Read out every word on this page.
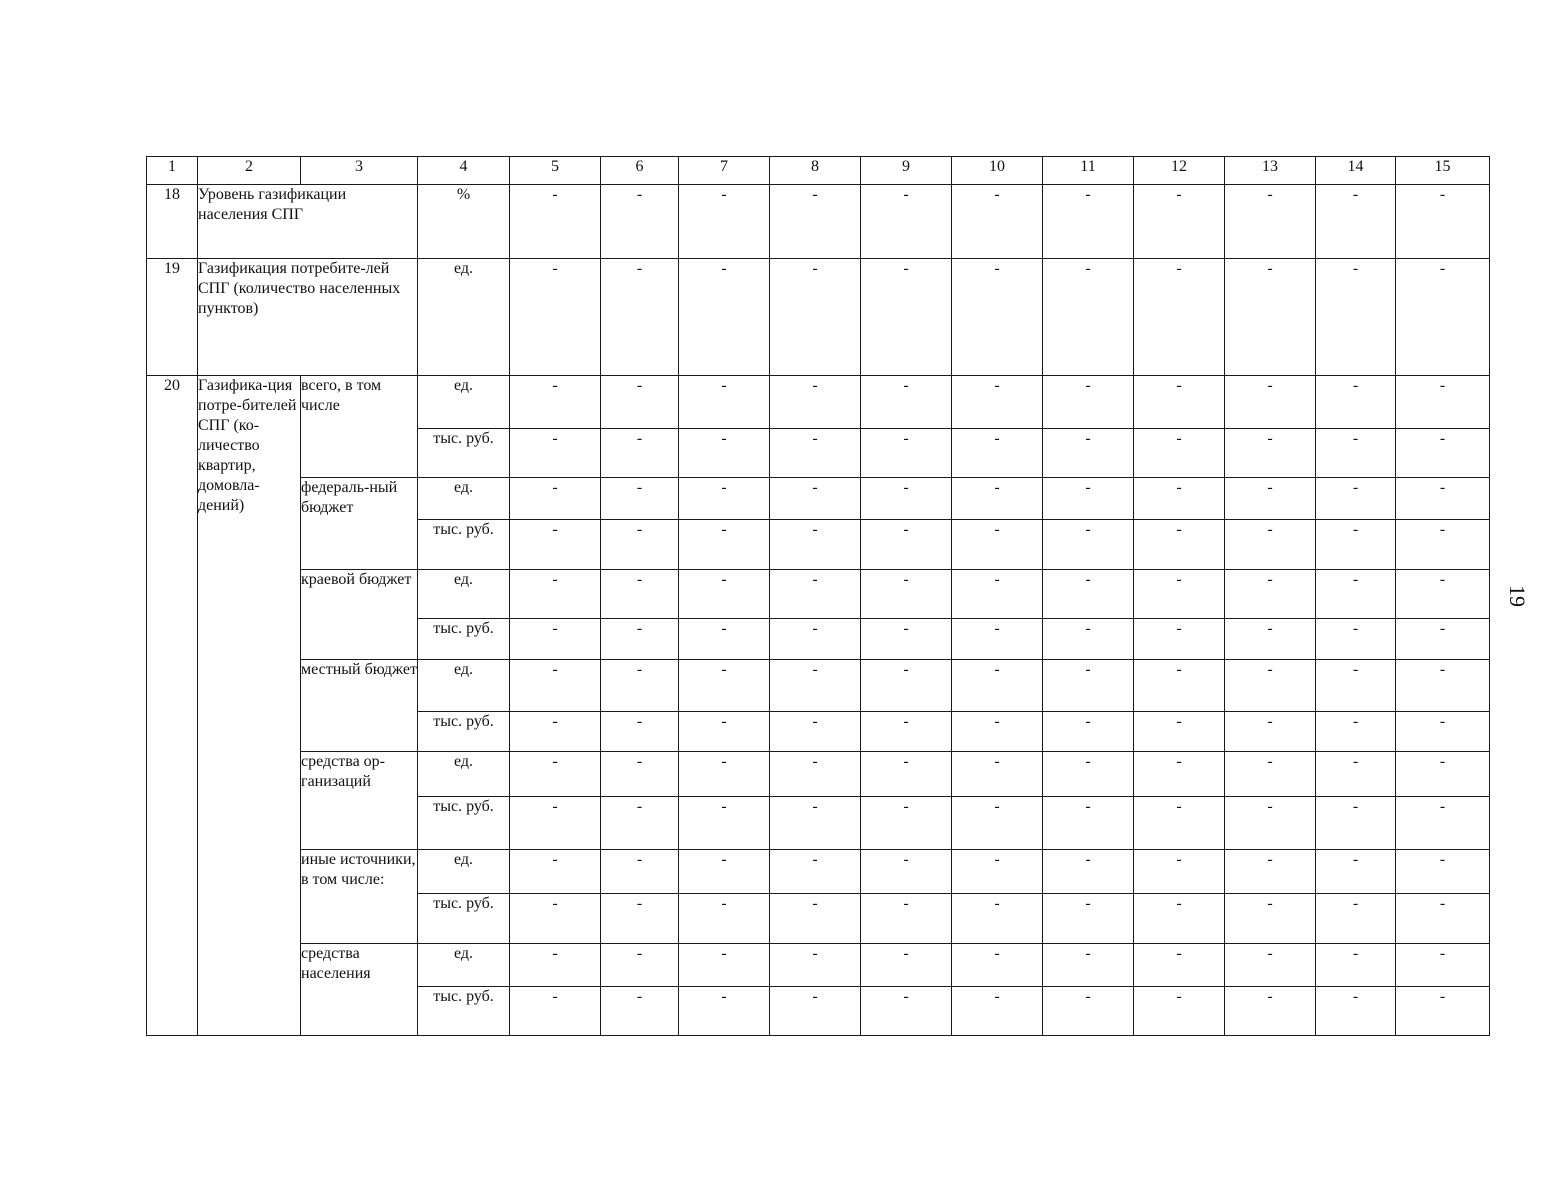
19
1	2	3	4	5	6	7	8	9	10	11	12	13	14	15
18	Уровень газификации населения СПГ		%	-	-	-	-	-	-	-	-	-	-	-
19	Газификация потребите-лей СПГ (количество населенных пунктов)		ед.	-	-	-	-	-	-	-	-	-	-	-
20	Газифика-ция потре-бителей СПГ (ко-личество квартир, домовла-дений)	всего, в том числе	ед.	-	-	-	-	-	-	-	-	-	-	-
			тыс. руб.	-	-	-	-	-	-	-	-	-	-	-
		федераль-ный бюджет	ед.	-	-	-	-	-	-	-	-	-	-	-
			тыс. руб.	-	-	-	-	-	-	-	-	-	-	-
		краевой бюджет	ед.	-	-	-	-	-	-	-	-	-	-	-
			тыс. руб.	-	-	-	-	-	-	-	-	-	-	-
		местный бюджет	ед.	-	-	-	-	-	-	-	-	-	-	-
			тыс. руб.	-	-	-	-	-	-	-	-	-	-	-
		средства ор-ганизаций	ед.	-	-	-	-	-	-	-	-	-	-	-
			тыс. руб.	-	-	-	-	-	-	-	-	-	-	-
		иные источники, в том числе:	ед.	-	-	-	-	-	-	-	-	-	-	-
			тыс. руб.	-	-	-	-	-	-	-	-	-	-	-
		средства населения	ед.	-	-	-	-	-	-	-	-	-	-	-
			тыс. руб.	-	-	-	-	-	-	-	-	-	-	-
